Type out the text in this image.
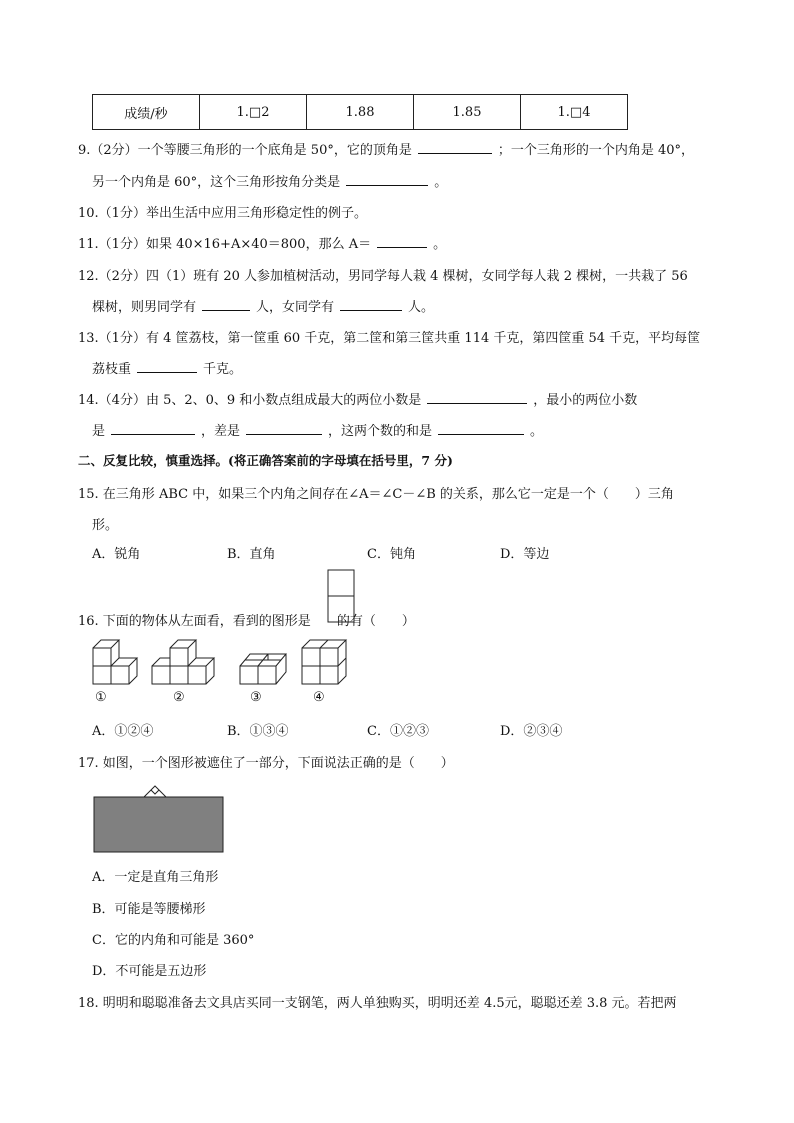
成绩/秒	1.□2	1.88	1.85	1.□4
9.（2分）一个等腰三角形的一个底角是 50°，它的顶角是	；一个三角形的一个内角是 40°，
另一个内角是 60°，这个三角形按角分类是	。
10.（1分）举出生活中应用三角形稳定性的例子。
11.（1分）如果 40×16+A×40＝800，那么 A＝	。
12.（2分）四（1）班有 20 人参加植树活动，男同学每人栽 4 棵树，女同学每人栽 2 棵树，一共栽了 56
棵树，则男同学有	人，女同学有	人。
13.（1分）有 4 筐荔枝，第一筐重 60 千克，第二筐和第三筐共重 114 千克，第四筐重 54 千克，平均每筐
荔枝重	千克。
14.（4分）由 5、2、0、9 和小数点组成最大的两位小数是	，最小的两位小数
是	，差是	，这两个数的和是	。
二、反复比较，慎重选择。(将正确答案前的字母填在括号里，7 分)
15. 在三角形 ABC 中，如果三个内角之间存在∠A＝∠C－∠B 的关系，那么它一定是一个（　　）三角
形。
A．锐角	B．直角	C．钝角	D．等边
16. 下面的物体从左面看，看到的图形是 的有（　　）
①	②	③	④
A．①②④	B．①③④	C．①②③	D．②③④
17. 如图，一个图形被遮住了一部分，下面说法正确的是（　　）
A．一定是直角三角形
B．可能是等腰梯形
C．它的内角和可能是 360°
D．不可能是五边形
18. 明明和聪聪准备去文具店买同一支钢笔，两人单独购买，明明还差 4.5元，聪聪还差 3.8 元。若把两
